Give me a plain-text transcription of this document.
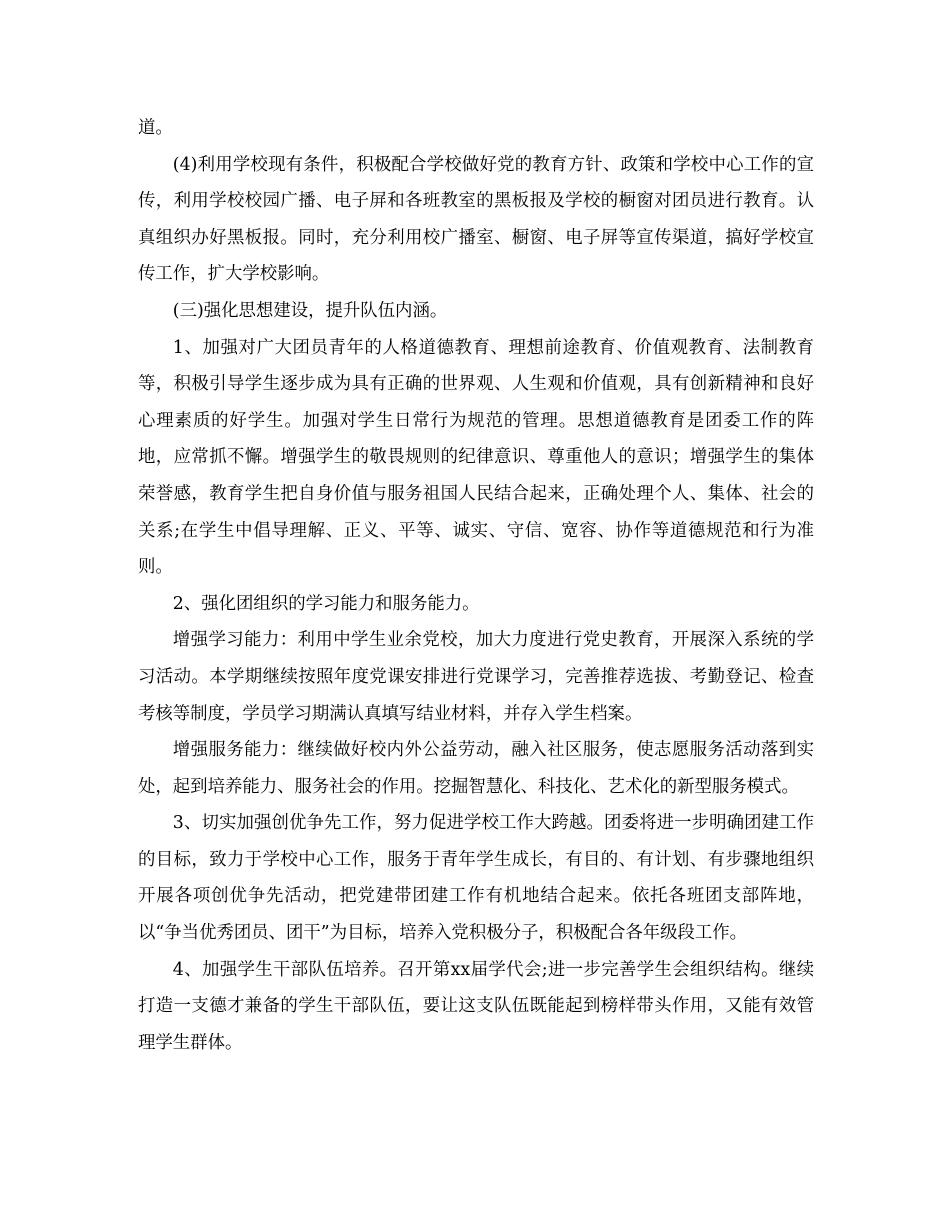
道。

(4)利用学校现有条件，积极配合学校做好党的教育方针、政策和学校中心工作的宣传，利用学校校园广播、电子屏和各班教室的黑板报及学校的橱窗对团员进行教育。认真组织办好黑板报。同时，充分利用校广播室、橱窗、电子屏等宣传渠道，搞好学校宣传工作，扩大学校影响。

(三)强化思想建设，提升队伍内涵。

1、加强对广大团员青年的人格道德教育、理想前途教育、价值观教育、法制教育等，积极引导学生逐步成为具有正确的世界观、人生观和价值观，具有创新精神和良好心理素质的好学生。加强对学生日常行为规范的管理。思想道德教育是团委工作的阵地，应常抓不懈。增强学生的敬畏规则的纪律意识、尊重他人的意识；增强学生的集体荣誉感，教育学生把自身价值与服务祖国人民结合起来，正确处理个人、集体、社会的关系;在学生中倡导理解、正义、平等、诚实、守信、宽容、协作等道德规范和行为准则。

2、强化团组织的学习能力和服务能力。

增强学习能力：利用中学生业余党校，加大力度进行党史教育，开展深入系统的学习活动。本学期继续按照年度党课安排进行党课学习，完善推荐选拔、考勤登记、检查考核等制度，学员学习期满认真填写结业材料，并存入学生档案。

增强服务能力：继续做好校内外公益劳动，融入社区服务，使志愿服务活动落到实处，起到培养能力、服务社会的作用。挖掘智慧化、科技化、艺术化的新型服务模式。

3、切实加强创优争先工作，努力促进学校工作大跨越。团委将进一步明确团建工作的目标，致力于学校中心工作，服务于青年学生成长，有目的、有计划、有步骤地组织开展各项创优争先活动，把党建带团建工作有机地结合起来。依托各班团支部阵地，以“争当优秀团员、团干”为目标，培养入党积极分子，积极配合各年级段工作。

4、加强学生干部队伍培养。召开第xx届学代会;进一步完善学生会组织结构。继续打造一支德才兼备的学生干部队伍，要让这支队伍既能起到榜样带头作用，又能有效管理学生群体。
